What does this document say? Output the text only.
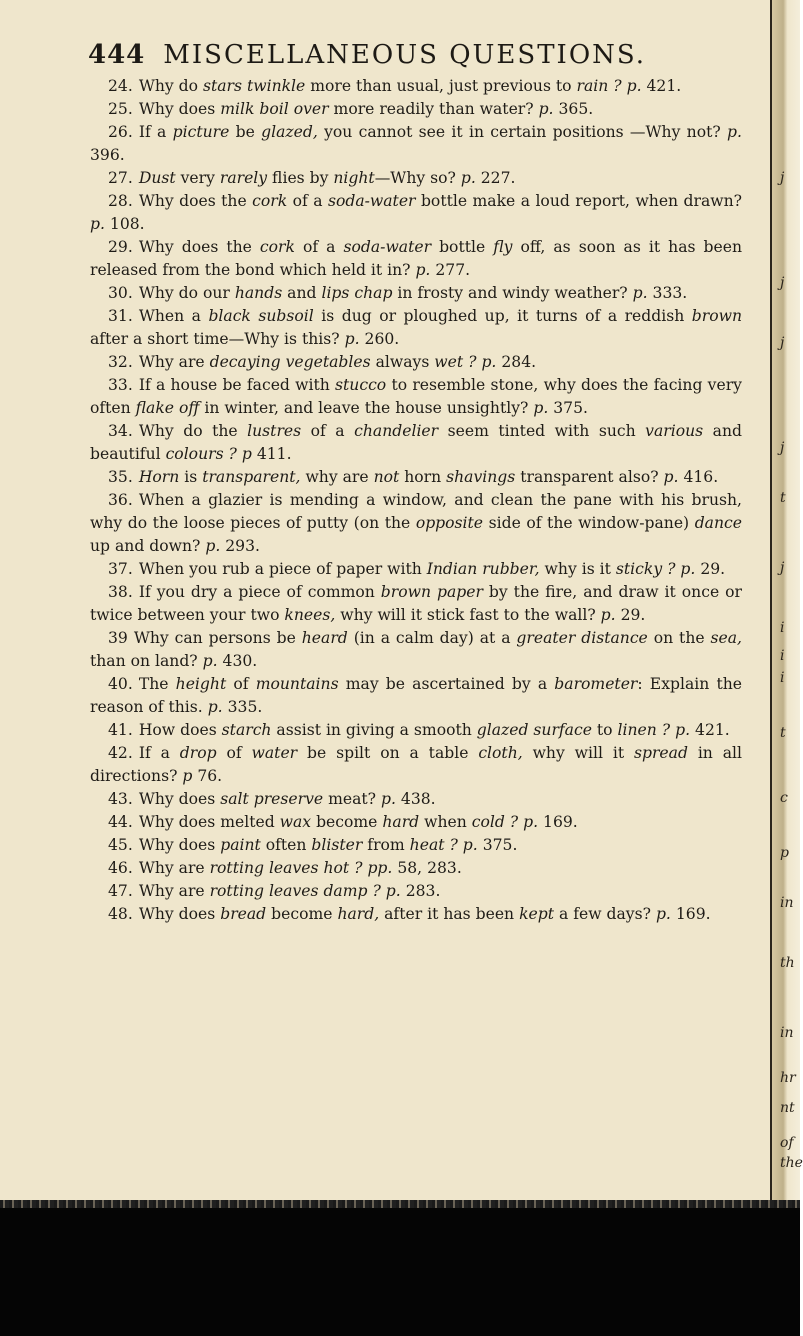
444 MISCELLANEOUS QUESTIONS.

24. Why do stars twinkle more than usual, just previous to rain ? p. 421.

25. Why does milk boil over more readily than water? p. 365.

26. If a picture be glazed, you cannot see it in certain positions —Why not? p. 396.

27. Dust very rarely flies by night—Why so? p. 227.

28. Why does the cork of a soda-water bottle make a loud report, when drawn? p. 108.

29. Why does the cork of a soda-water bottle fly off, as soon as it has been released from the bond which held it in? p. 277.

30. Why do our hands and lips chap in frosty and windy weather? p. 333.

31. When a black subsoil is dug or ploughed up, it turns of a reddish brown after a short time—Why is this? p. 260.

32. Why are decaying vegetables always wet ? p. 284.

33. If a house be faced with stucco to resemble stone, why does the facing very often flake off in winter, and leave the house unsightly? p. 375.

34. Why do the lustres of a chandelier seem tinted with such various and beautiful colours ? p 411.

35. Horn is transparent, why are not horn shavings transparent also? p. 416.

36. When a glazier is mending a window, and clean the pane with his brush, why do the loose pieces of putty (on the opposite side of the window-pane) dance up and down? p. 293.

37. When you rub a piece of paper with Indian rubber, why is it sticky ? p. 29.

38. If you dry a piece of common brown paper by the fire, and draw it once or twice between your two knees, why will it stick fast to the wall? p. 29.

39 Why can persons be heard (in a calm day) at a greater distance on the sea, than on land? p. 430.

40. The height of mountains may be ascertained by a barometer: Explain the reason of this. p. 335.

41. How does starch assist in giving a smooth glazed surface to linen ? p. 421.

42. If a drop of water be spilt on a table cloth, why will it spread in all directions? p 76.

43. Why does salt preserve meat? p. 438.

44. Why does melted wax become hard when cold ? p. 169.

45. Why does paint often blister from heat ? p. 375.

46. Why are rotting leaves hot ? pp. 58, 283.

47. Why are rotting leaves damp ? p. 283.

48. Why does bread become hard, after it has been kept a few days? p. 169.

j
j
j
j
t
j
i
i
i
t
c
p
in
th
in
hr
nt
of
the
